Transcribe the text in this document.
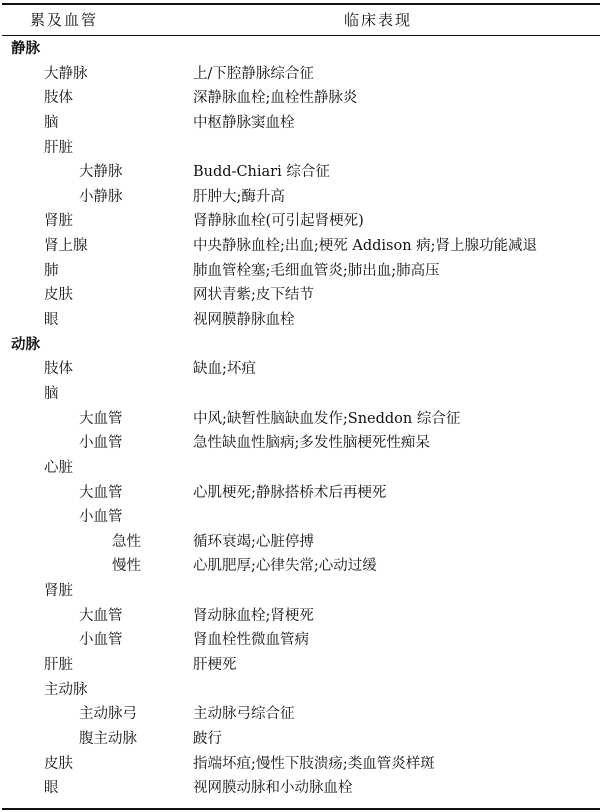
累及血管	临床表现
静脉
大静脉	上/下腔静脉综合征
肢体	深静脉血栓;血栓性静脉炎
脑	中枢静脉窦血栓
肝脏
大静脉	Budd-Chiari 综合征
小静脉	肝肿大;酶升高
肾脏	肾静脉血栓(可引起肾梗死)
肾上腺	中央静脉血栓;出血;梗死 Addison 病;肾上腺功能减退
肺	肺血管栓塞;毛细血管炎;肺出血;肺高压
皮肤	网状青紫;皮下结节
眼	视网膜静脉血栓
动脉
肢体	缺血;坏疽
脑
大血管	中风;缺暂性脑缺血发作;Sneddon 综合征
小血管	急性缺血性脑病;多发性脑梗死性痴呆
心脏
大血管	心肌梗死;静脉搭桥术后再梗死
小血管
急性	循环衰竭;心脏停搏
慢性	心肌肥厚;心律失常;心动过缓
肾脏
大血管	肾动脉血栓;肾梗死
小血管	肾血栓性微血管病
肝脏	肝梗死
主动脉
主动脉弓	主动脉弓综合征
腹主动脉	跛行
皮肤	指端坏疽;慢性下肢溃疡;类血管炎样斑
眼	视网膜动脉和小动脉血栓
